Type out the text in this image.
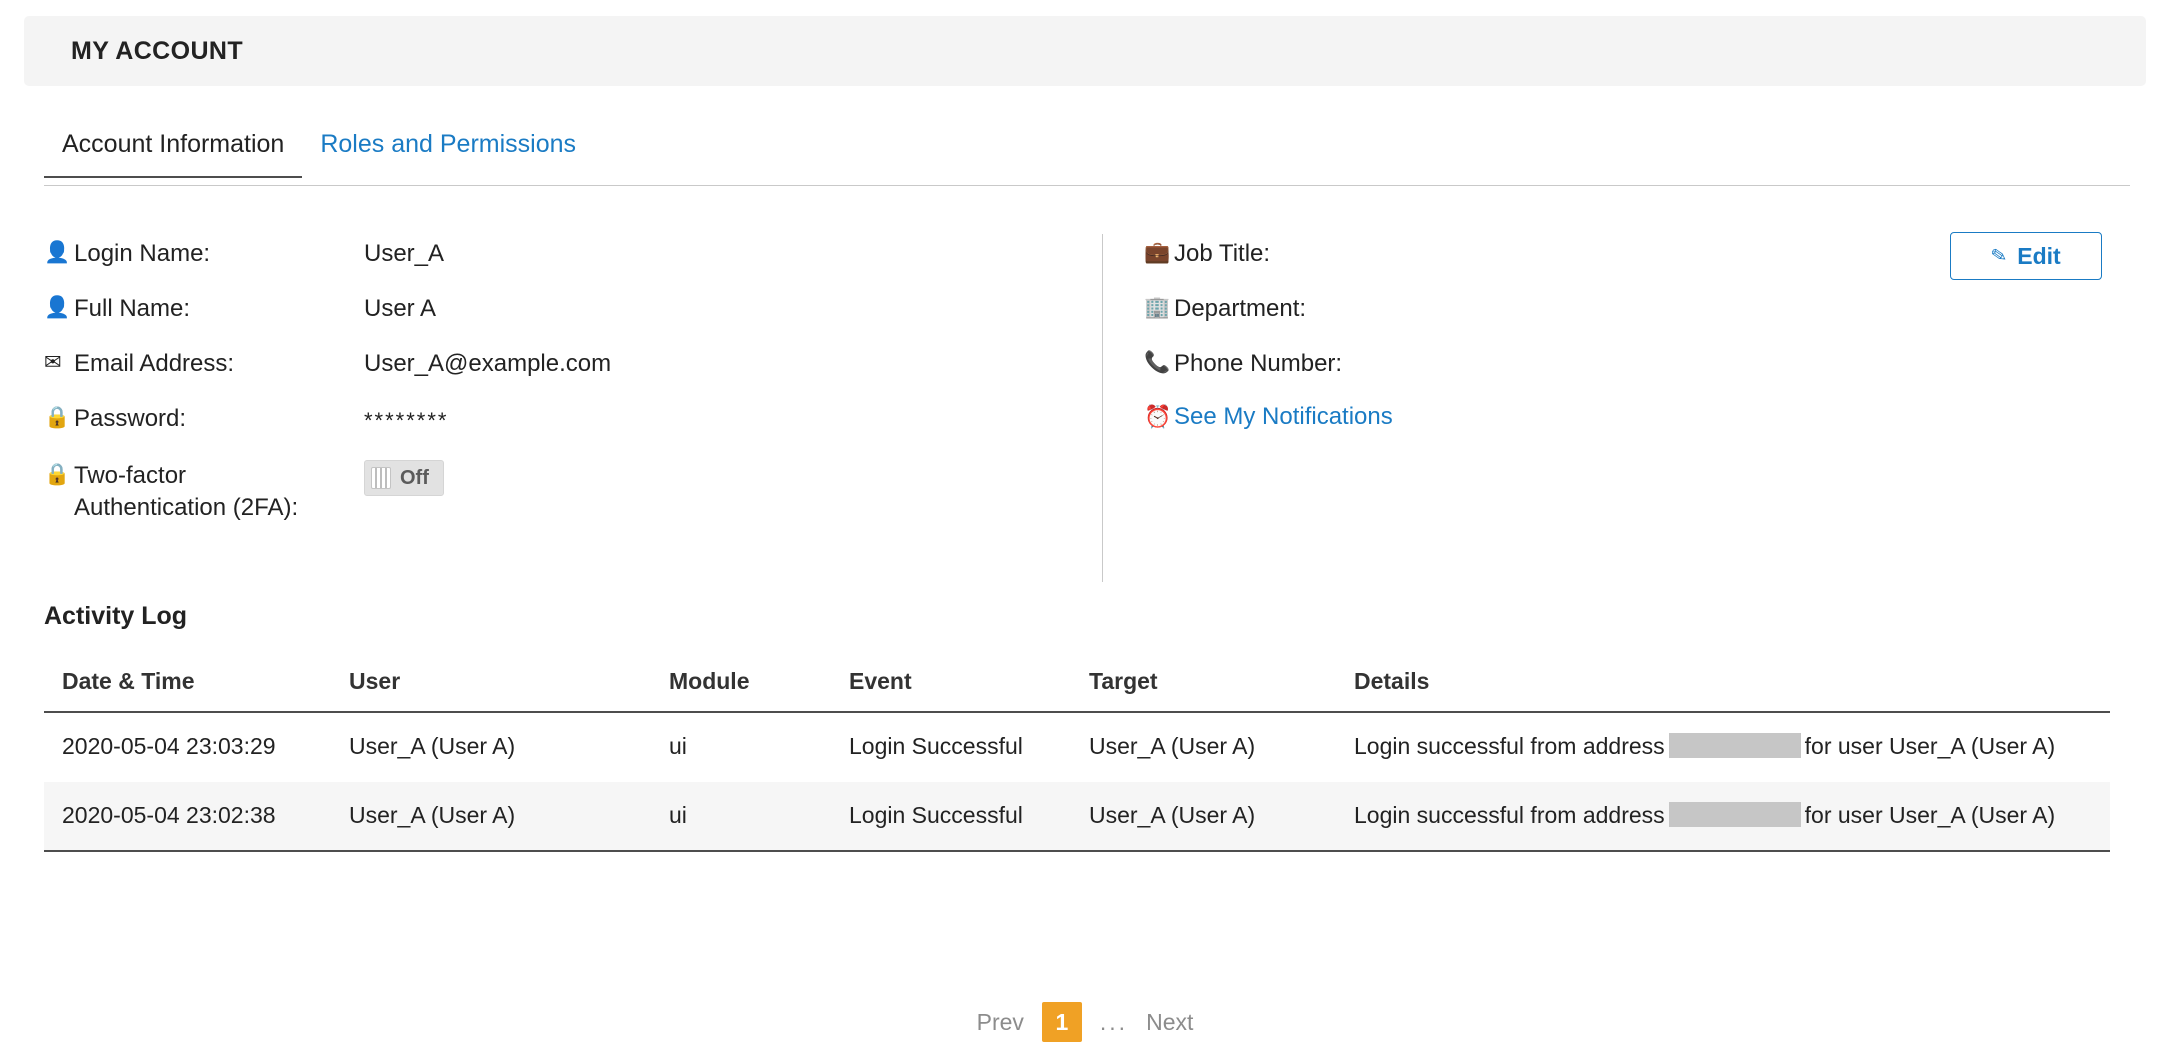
MY ACCOUNT
Account Information	Roles and Permissions
👤 Login Name:	User_A
👤 Full Name:	User A
✉ Email Address:	User_A@example.com
🔒 Password:	********
🔒 Two-factor
Authentication (2FA):
Off
✎ Edit
💼 Job Title:
🏢 Department:
📞 Phone Number:
⏰ See My Notifications
Activity Log
Date & Time	User	Module	Event	Target	Details
2020-05-04 23:03:29	User_A (User A)	ui	Login Successful	User_A (User A)	Login successful from address for user User_A (User A)
2020-05-04 23:02:38	User_A (User A)	ui	Login Successful	User_A (User A)	Login successful from address for user User_A (User A)
Prev	1	... Next
